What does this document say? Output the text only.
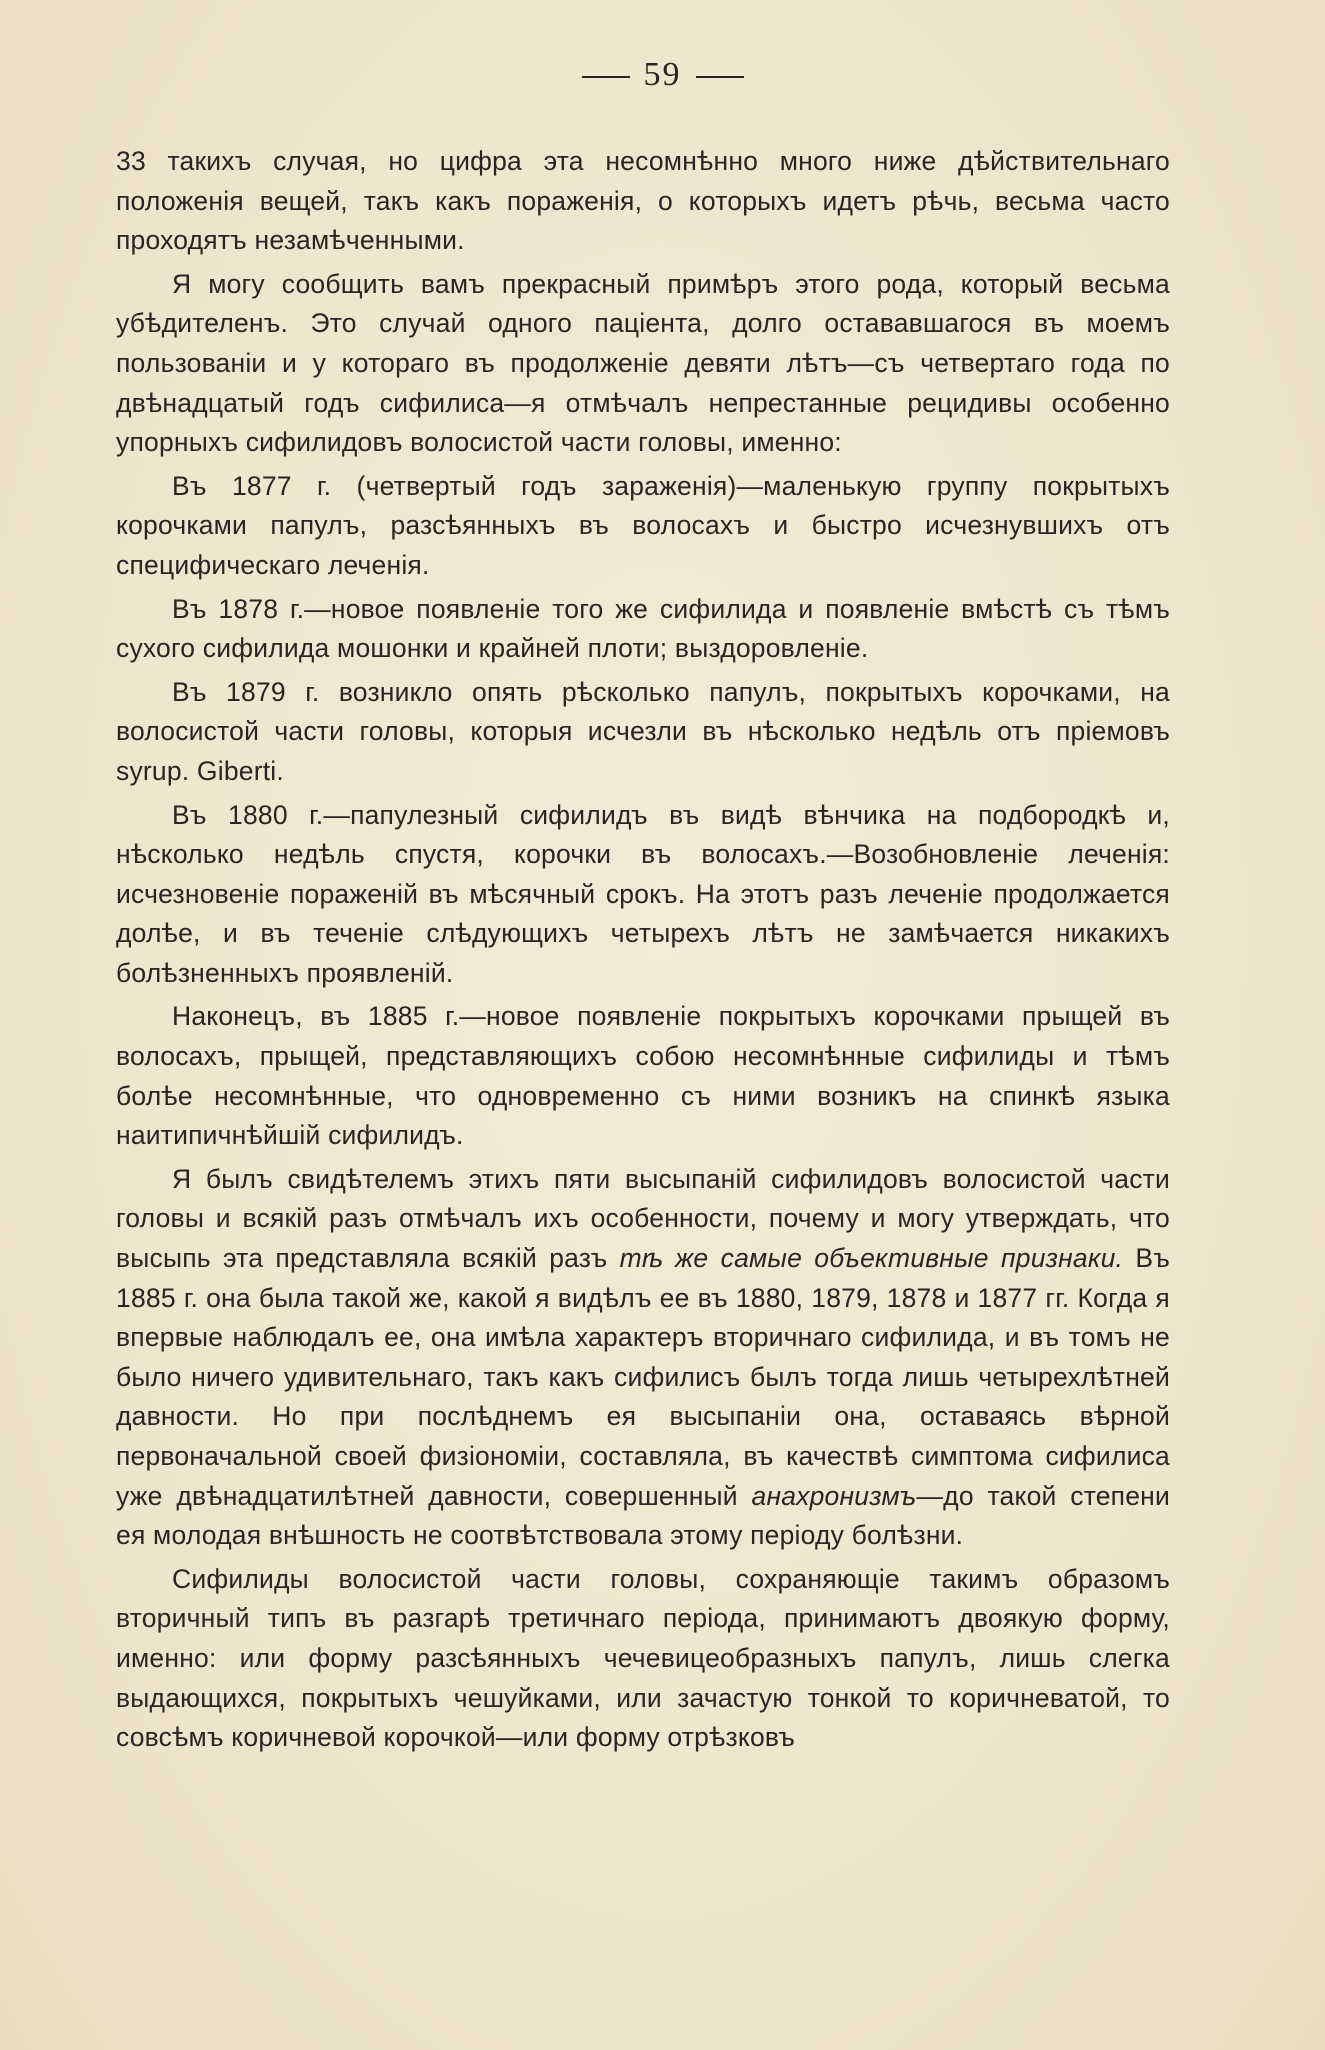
59

33 такихъ случая, но цифра эта несомнѣнно много ниже дѣйствительнаго положенія вещей, такъ какъ пораженія, о которыхъ идетъ рѣчь, весьма часто проходятъ незамѣченными.

Я могу сообщить вамъ прекрасный примѣръ этого рода, который весьма убѣдителенъ. Это случай одного паціента, долго остававшагося въ моемъ пользованіи и у котораго въ продолженіе девяти лѣтъ—съ четвертаго года по двѣнадцатый годъ сифилиса—я отмѣчалъ непрестанные рецидивы особенно упорныхъ сифилидовъ волосистой части головы, именно:

Въ 1877 г. (четвертый годъ зараженія)—маленькую группу покрытыхъ корочками папулъ, разсѣянныхъ въ волосахъ и быстро исчезнувшихъ отъ специфическаго леченія.

Въ 1878 г.—новое появленіе того же сифилида и появленіе вмѣстѣ съ тѣмъ сухого сифилида мошонки и крайней плоти; выздоровленіе.

Въ 1879 г. возникло опять рѣсколько папулъ, покрытыхъ корочками, на волосистой части головы, которыя исчезли въ нѣсколько недѣль отъ пріемовъ syrup. Giberti.

Въ 1880 г.—папулезный сифилидъ въ видѣ вѣнчика на подбородкѣ и, нѣсколько недѣль спустя, корочки въ волосахъ.—Возобновленіе леченія: исчезновеніе пораженій въ мѣсячный срокъ. На этотъ разъ леченіе продолжается долѣе, и въ теченіе слѣдующихъ четырехъ лѣтъ не замѣчается никакихъ болѣзненныхъ проявленій.

Наконецъ, въ 1885 г.—новое появленіе покрытыхъ корочками прыщей въ волосахъ, прыщей, представляющихъ собою несомнѣнные сифилиды и тѣмъ болѣе несомнѣнные, что одновременно съ ними возникъ на спинкѣ языка наитипичнѣйшій сифилидъ.

Я былъ свидѣтелемъ этихъ пяти высыпаній сифилидовъ волосистой части головы и всякій разъ отмѣчалъ ихъ особенности, почему и могу утверждать, что высыпь эта представляла всякій разъ тѣ же самые объективные признаки. Въ 1885 г. она была такой же, какой я видѣлъ ее въ 1880, 1879, 1878 и 1877 гг. Когда я впервые наблюдалъ ее, она имѣла характеръ вторичнаго сифилида, и въ томъ не было ничего удивительнаго, такъ какъ сифилисъ былъ тогда лишь четырехлѣтней давности. Но при послѣднемъ ея высыпаніи она, оставаясь вѣрной первоначальной своей физіономіи, составляла, въ качествѣ симптома сифилиса уже двѣнадцатилѣтней давности, совершенный анахронизмъ—до такой степени ея молодая внѣшность не соотвѣтствовала этому періоду болѣзни.

Сифилиды волосистой части головы, сохраняющіе такимъ образомъ вторичный типъ въ разгарѣ третичнаго періода, принимаютъ двоякую форму, именно: или форму разсѣянныхъ чечевицеобразныхъ папулъ, лишь слегка выдающихся, покрытыхъ чешуйками, или зачастую тонкой то коричневатой, то совсѣмъ коричневой корочкой—или форму отрѣзковъ
